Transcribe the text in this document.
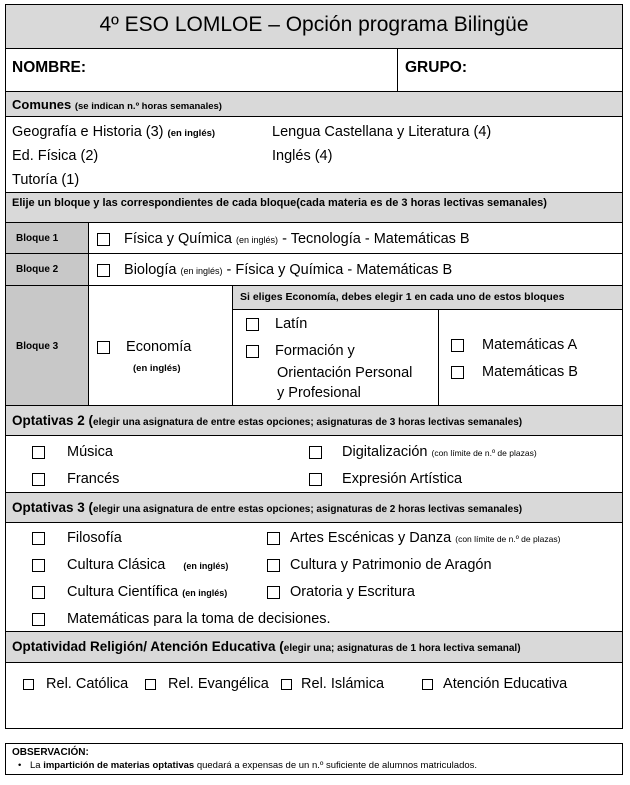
4º ESO LOMLOE – Opción programa Bilingüe
NOMBRE:	GRUPO:
Comunes (se indican n.º horas semanales)
Geografía e Historia (3) (en inglés)	Lengua Castellana y Literatura (4)
Ed. Física (2)	Inglés (4)
Tutoría (1)
Elije un bloque y las correspondientes de cada bloque(cada materia es de 3 horas lectivas semanales)
Bloque 1	Física y Química (en inglés) - Tecnología - Matemáticas B
Bloque 2	Biología (en inglés) - Física y Química - Matemáticas B
Bloque 3	Economía
(en inglés)
Si eliges Economía, debes elegir 1 en cada uno de estos bloques
Latín
Formación y
Orientación Personal
y Profesional
Matemáticas A
Matemáticas B
Optativas 2 (elegir una asignatura de entre estas opciones; asignaturas de 3 horas lectivas semanales)
Música	Digitalización (con límite de n.º de plazas)
Francés	Expresión Artística
Optativas 3 (elegir una asignatura de entre estas opciones; asignaturas de 2 horas lectivas semanales)
Filosofía	Artes Escénicas y Danza (con límite de n.º de plazas)
Cultura Clásica (en inglés)	Cultura y Patrimonio de Aragón
Cultura Científica (en inglés)	Oratoria y Escritura
Matemáticas para la toma de decisiones.
Optatividad Religión/ Atención Educativa (elegir una; asignaturas de 1 hora lectiva semanal)
Rel. Católica	Rel. Evangélica	Rel. Islámica	Atención Educativa
OBSERVACIÓN:
• La impartición de materias optativas quedará a expensas de un n.º suficiente de alumnos matriculados.
